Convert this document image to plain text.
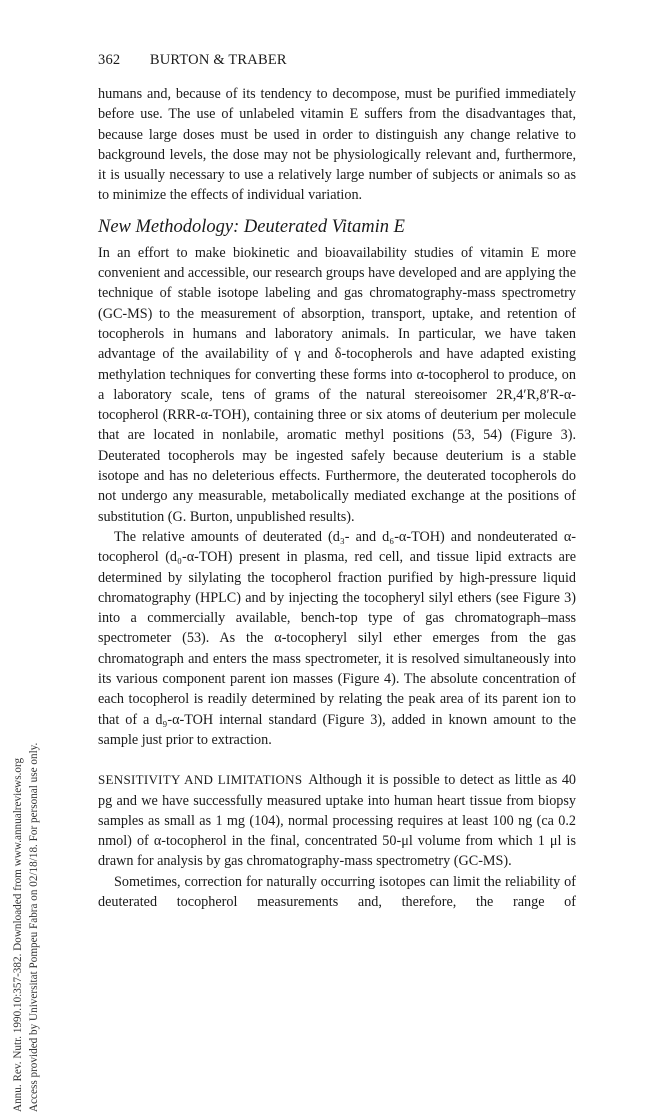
362 BURTON & TRABER
Annu. Rev. Nutr. 1990.10:357-382. Downloaded from www.annualreviews.org Access provided by Universitat Pompeu Fabra on 02/18/18. For personal use only.

humans and, because of its tendency to decompose, must be purified immediately before use. The use of unlabeled vitamin E suffers from the disadvantages that, because large doses must be used in order to distinguish any change relative to background levels, the dose may not be physiologically relevant and, furthermore, it is usually necessary to use a relatively large number of subjects or animals so as to minimize the effects of individual variation.

New Methodology: Deuterated Vitamin E

In an effort to make biokinetic and bioavailability studies of vitamin E more convenient and accessible, our research groups have developed and are applying the technique of stable isotope labeling and gas chromatography-mass spectrometry (GC-MS) to the measurement of absorption, transport, uptake, and retention of tocopherols in humans and laboratory animals. In particular, we have taken advantage of the availability of γ and δ-tocopherols and have adapted existing methylation techniques for converting these forms into α-tocopherol to produce, on a laboratory scale, tens of grams of the natural stereoisomer 2R,4′R,8′R-α-tocopherol (RRR-α-TOH), containing three or six atoms of deuterium per molecule that are located in nonlabile, aromatic methyl positions (53, 54) (Figure 3). Deuterated tocopherols may be ingested safely because deuterium is a stable isotope and has no deleterious effects. Furthermore, the deuterated tocopherols do not undergo any measurable, metabolically mediated exchange at the positions of substitution (G. Burton, unpublished results).

The relative amounts of deuterated (d₃- and d₆-α-TOH) and nondeuterated α-tocopherol (d₀-α-TOH) present in plasma, red cell, and tissue lipid extracts are determined by silylating the tocopherol fraction purified by high-pressure liquid chromatography (HPLC) and by injecting the tocopheryl silyl ethers (see Figure 3) into a commercially available, bench-top type of gas chromatograph–mass spectrometer (53). As the α-tocopheryl silyl ether emerges from the gas chromatograph and enters the mass spectrometer, it is resolved simultaneously into its various component parent ion masses (Figure 4). The absolute concentration of each tocopherol is readily determined by relating the peak area of its parent ion to that of a d₉-α-TOH internal standard (Figure 3), added in known amount to the sample just prior to extraction.

SENSITIVITY AND LIMITATIONS Although it is possible to detect as little as 40 pg and we have successfully measured uptake into human heart tissue from biopsy samples as small as 1 mg (104), normal processing requires at least 100 ng (ca 0.2 nmol) of α-tocopherol in the final, concentrated 50-μl volume from which 1 μl is drawn for analysis by gas chromatography-mass spectrometry (GC-MS).

Sometimes, correction for naturally occurring isotopes can limit the reliability of deuterated tocopherol measurements and, therefore, the range of
